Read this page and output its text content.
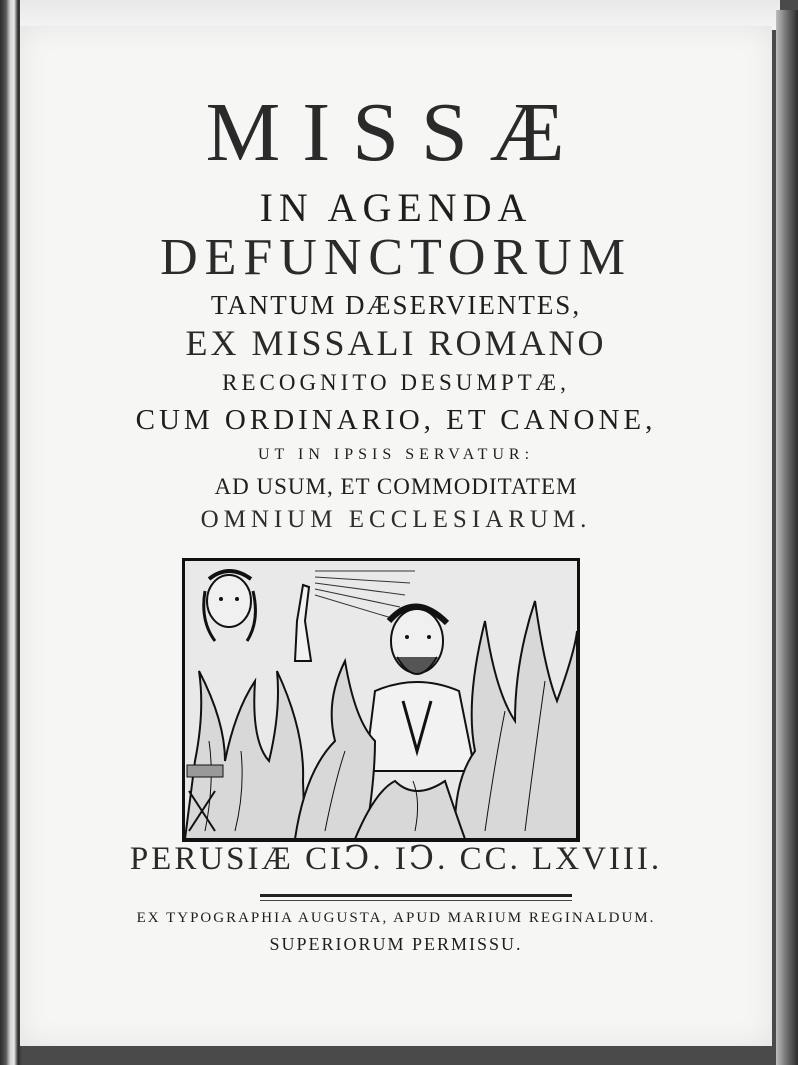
MISSÆ
IN AGENDA
DEFUNCTORUM
TANTUM DÆSERVIENTES,
EX MISSALI ROMANO
RECOGNITO DESUMPTÆ,
CUM ORDINARIO, ET CANONE,
UT IN IPSIS SERVATUR:
AD USUM, ET COMMODITATEM
OMNIUM ECCLESIARUM.
PERUSIÆ CIↃ. IↃ. CC. LXVIII.
EX TYPOGRAPHIA AUGUSTA, APUD MARIUM REGINALDUM.
SUPERIORUM PERMISSU.
